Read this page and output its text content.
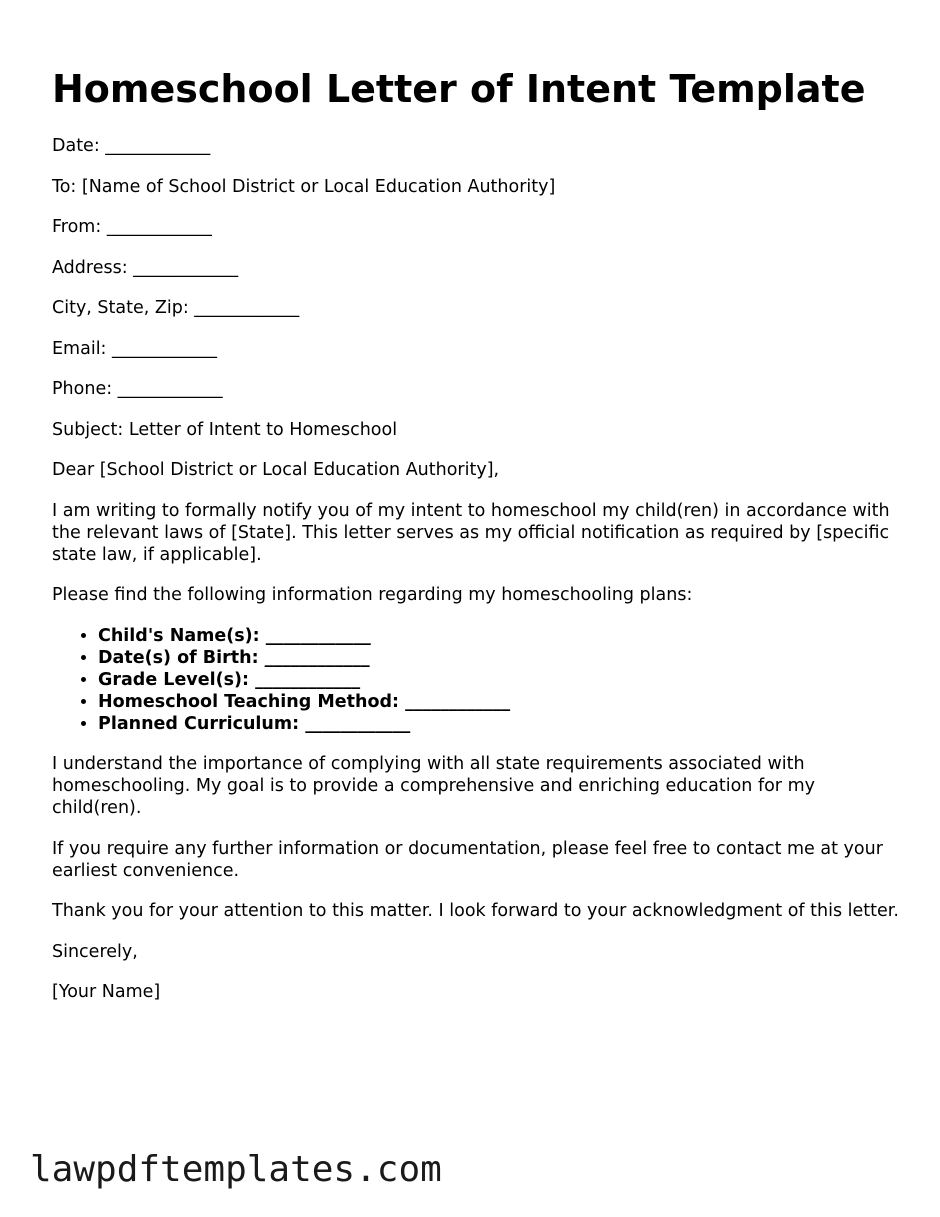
Homeschool Letter of Intent Template

Date: ____________

To: [Name of School District or Local Education Authority]

From: ____________

Address: ____________

City, State, Zip: ____________

Email: ____________

Phone: ____________

Subject: Letter of Intent to Homeschool

Dear [School District or Local Education Authority],

I am writing to formally notify you of my intent to homeschool my child(ren) in accordance with the relevant laws of [State]. This letter serves as my official notification as required by [specific state law, if applicable].

Please find the following information regarding my homeschooling plans:

• Child's Name(s): ____________
• Date(s) of Birth: ____________
• Grade Level(s): ____________
• Homeschool Teaching Method: ____________
• Planned Curriculum: ____________

I understand the importance of complying with all state requirements associated with homeschooling. My goal is to provide a comprehensive and enriching education for my child(ren).

If you require any further information or documentation, please feel free to contact me at your earliest convenience.

Thank you for your attention to this matter. I look forward to your acknowledgment of this letter.

Sincerely,

[Your Name]

lawpdftemplates.com
